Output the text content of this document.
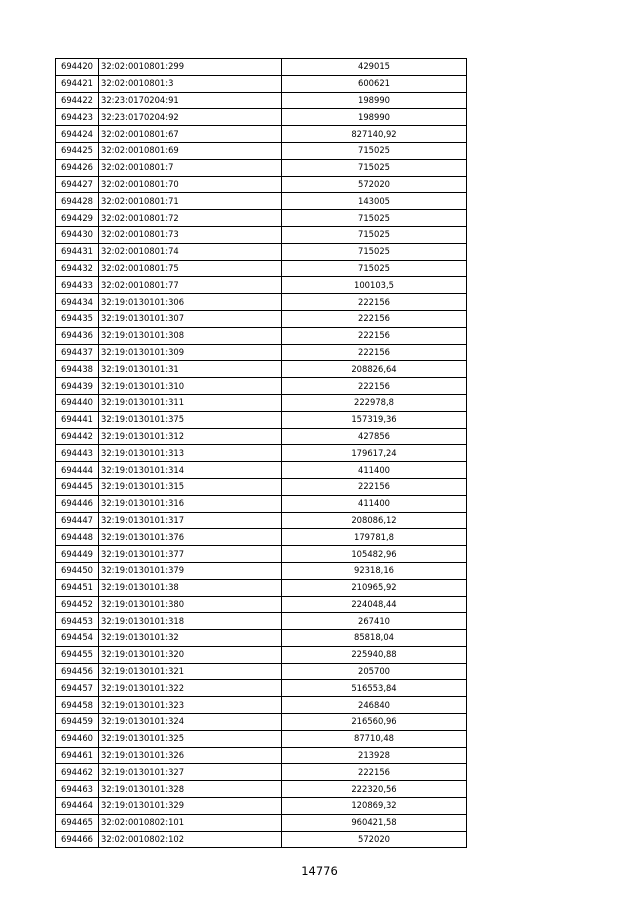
694420	32:02:0010801:299	429015
694421	32:02:0010801:3	600621
694422	32:23:0170204:91	198990
694423	32:23:0170204:92	198990
694424	32:02:0010801:67	827140,92
694425	32:02:0010801:69	715025
694426	32:02:0010801:7	715025
694427	32:02:0010801:70	572020
694428	32:02:0010801:71	143005
694429	32:02:0010801:72	715025
694430	32:02:0010801:73	715025
694431	32:02:0010801:74	715025
694432	32:02:0010801:75	715025
694433	32:02:0010801:77	100103,5
694434	32:19:0130101:306	222156
694435	32:19:0130101:307	222156
694436	32:19:0130101:308	222156
694437	32:19:0130101:309	222156
694438	32:19:0130101:31	208826,64
694439	32:19:0130101:310	222156
694440	32:19:0130101:311	222978,8
694441	32:19:0130101:375	157319,36
694442	32:19:0130101:312	427856
694443	32:19:0130101:313	179617,24
694444	32:19:0130101:314	411400
694445	32:19:0130101:315	222156
694446	32:19:0130101:316	411400
694447	32:19:0130101:317	208086,12
694448	32:19:0130101:376	179781,8
694449	32:19:0130101:377	105482,96
694450	32:19:0130101:379	92318,16
694451	32:19:0130101:38	210965,92
694452	32:19:0130101:380	224048,44
694453	32:19:0130101:318	267410
694454	32:19:0130101:32	85818,04
694455	32:19:0130101:320	225940,88
694456	32:19:0130101:321	205700
694457	32:19:0130101:322	516553,84
694458	32:19:0130101:323	246840
694459	32:19:0130101:324	216560,96
694460	32:19:0130101:325	87710,48
694461	32:19:0130101:326	213928
694462	32:19:0130101:327	222156
694463	32:19:0130101:328	222320,56
694464	32:19:0130101:329	120869,32
694465	32:02:0010802:101	960421,58
694466	32:02:0010802:102	572020
14776
